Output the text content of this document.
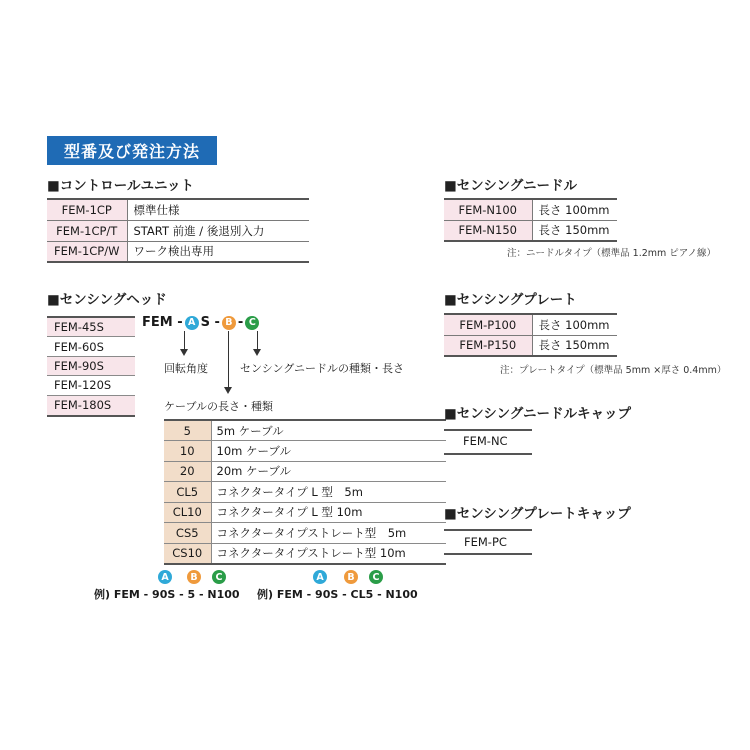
型番及び発注方法
■コントロールユニット
FEM-1CP	標準仕様
FEM-1CP/T	START 前進 / 後退別入力
FEM-1CP/W	ワーク検出専用
■センシングヘッド
FEM-45S
FEM-60S
FEM-90S
FEM-120S
FEM-180S
FEM - A S - B - C
回転角度
ケーブルの長さ・種類
センシングニードルの種類・長さ
5	5m ケーブル
10	10m ケーブル
20	20m ケーブル
CL5	コネクタータイプ L 型　5m
CL10	コネクタータイプ L 型 10m
CS5	コネクタータイプストレート型　5m
CS10	コネクタータイプストレート型 10m
A	B	C
例) FEM - 90S - 5 - N100
A	B	C
例) FEM - 90S - CL5 - N100
■センシングニードル
FEM-N100	長さ 100mm
FEM-N150	長さ 150mm
注：ニードルタイプ（標準品 1.2mm ピアノ線）
■センシングプレート
FEM-P100	長さ 100mm
FEM-P150	長さ 150mm
注：プレートタイプ（標準品 5mm ×厚さ 0.4mm）
■センシングニードルキャップ
FEM-NC
■センシングプレートキャップ
FEM-PC
